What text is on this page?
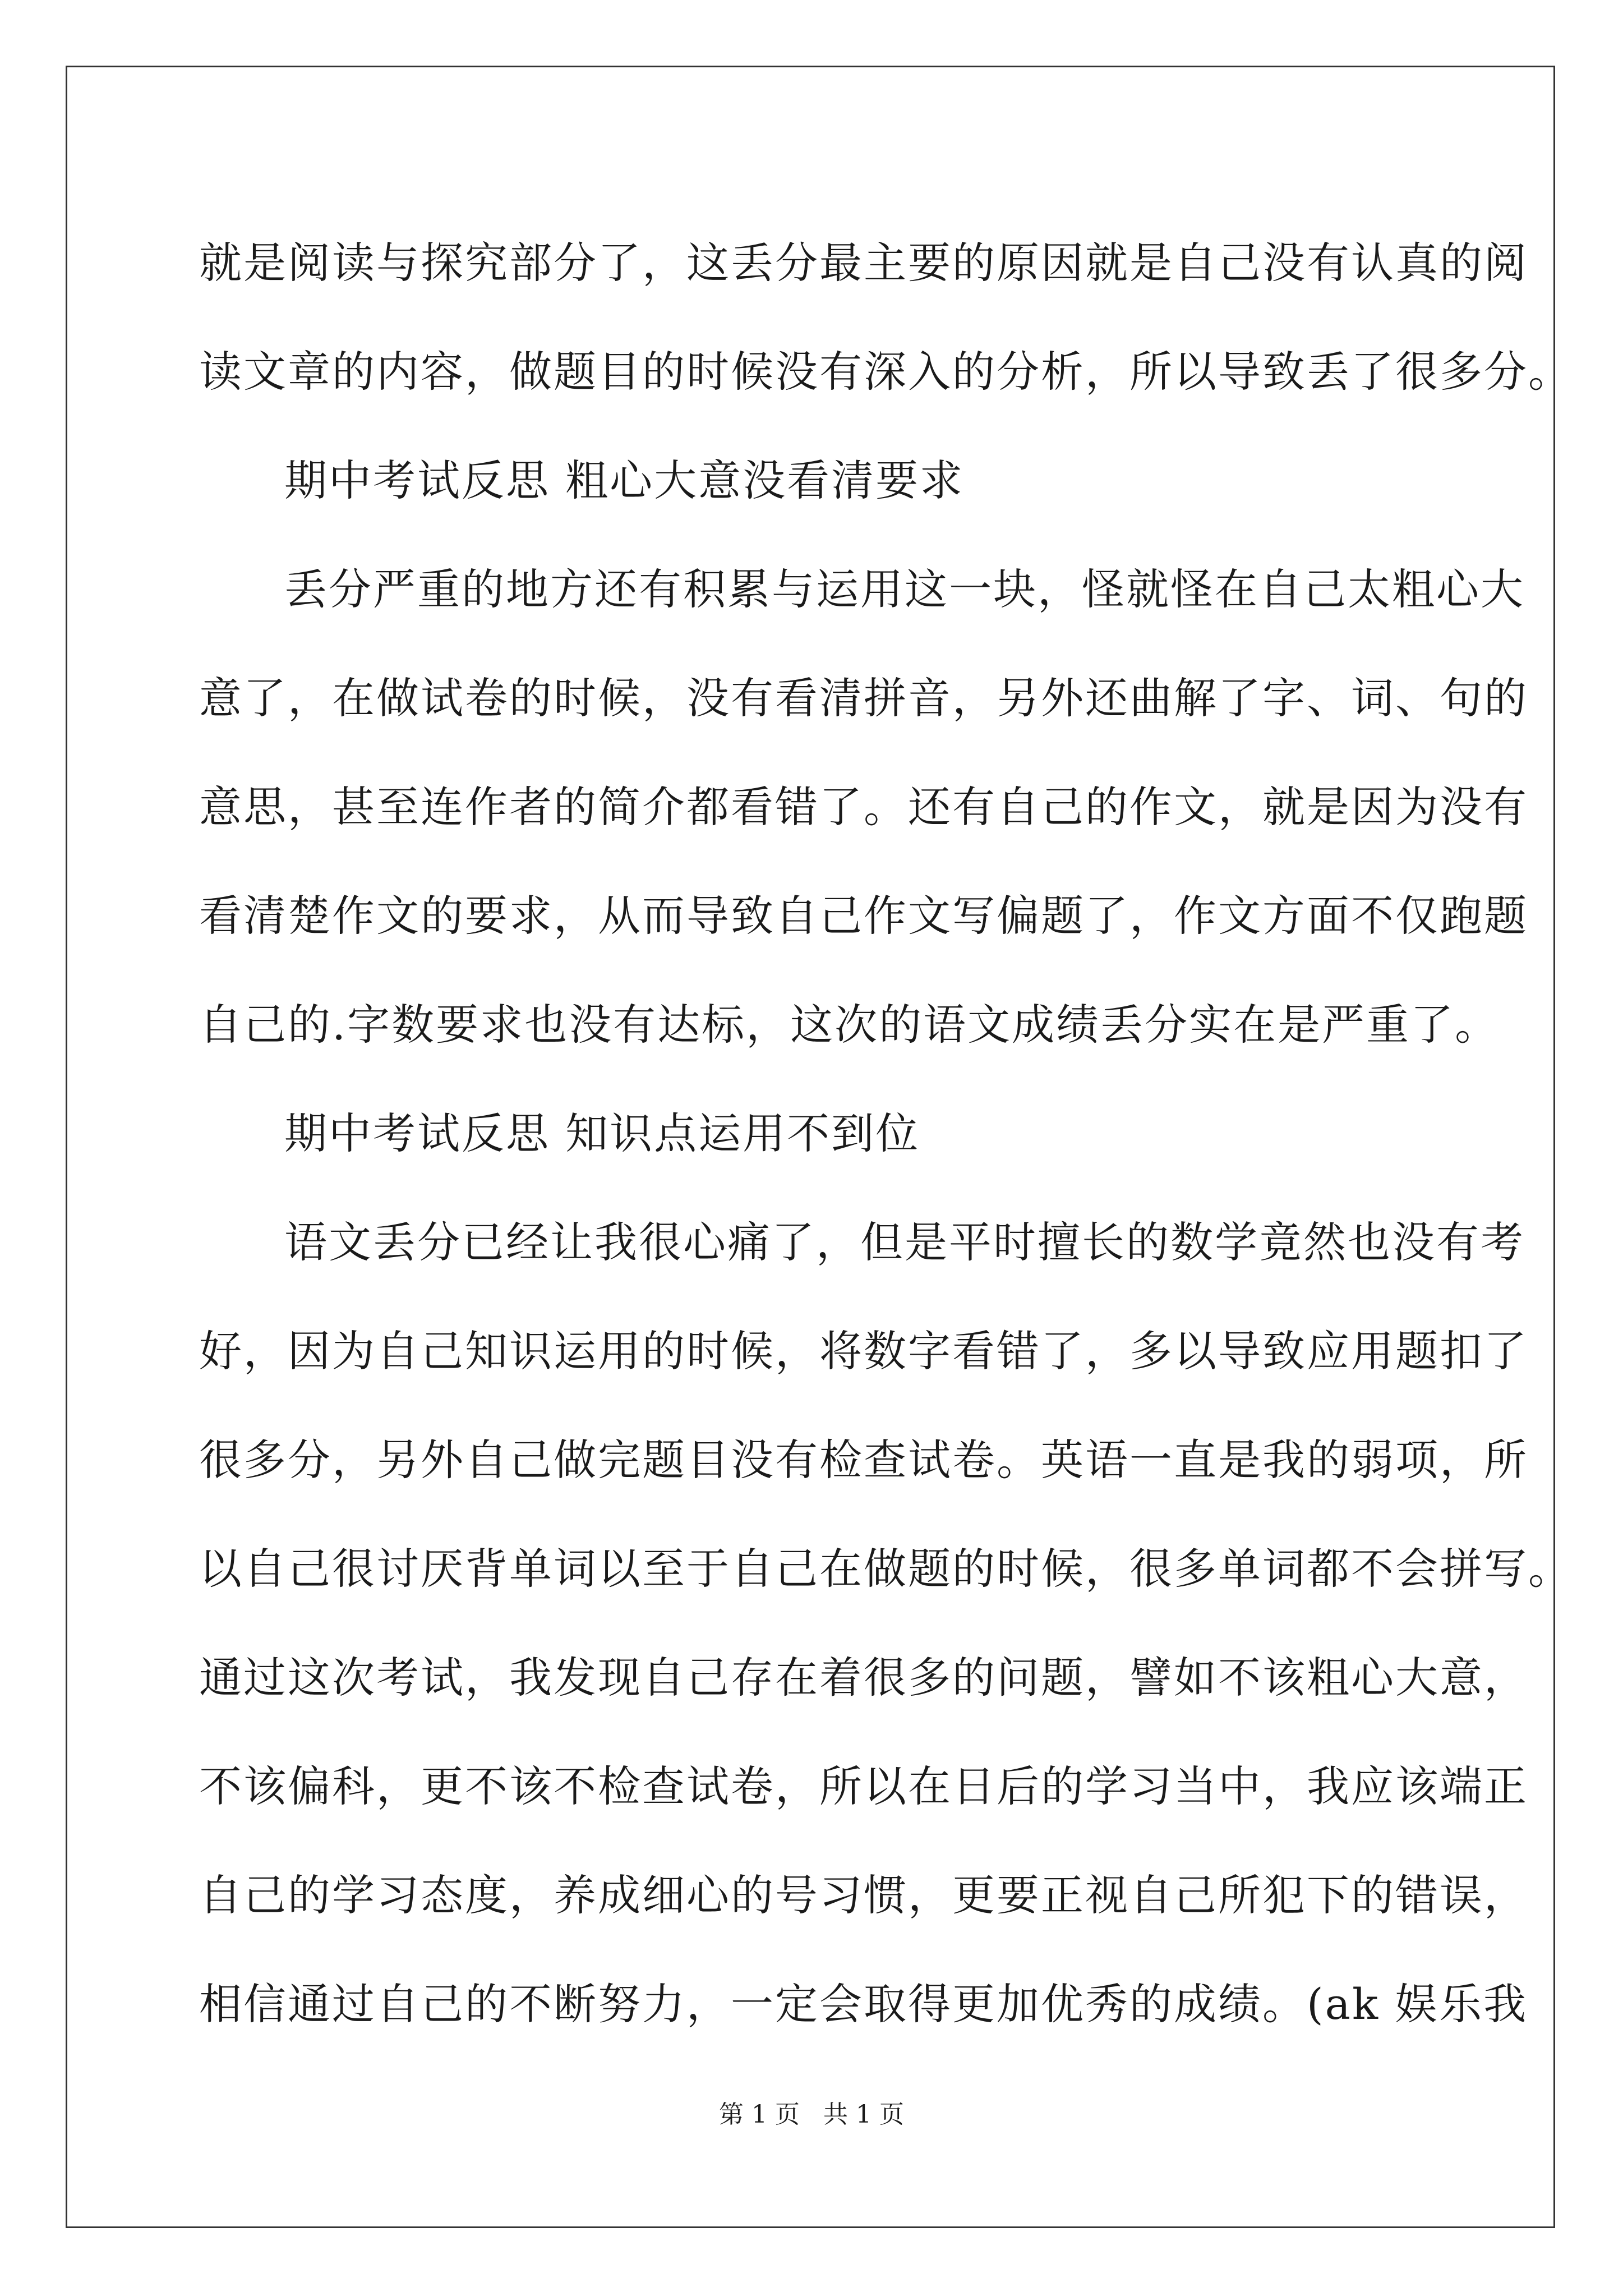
就是阅读与探究部分了，这丢分最主要的原因就是自己没有认真的阅
读文章的内容，做题目的时候没有深入的分析，所以导致丢了很多分。
期中考试反思 粗心大意没看清要求
丢分严重的地方还有积累与运用这一块，怪就怪在自己太粗心大
意了，在做试卷的时候，没有看清拼音，另外还曲解了字、词、句的
意思，甚至连作者的简介都看错了。还有自己的作文，就是因为没有
看清楚作文的要求，从而导致自己作文写偏题了，作文方面不仅跑题
自己的.字数要求也没有达标，这次的语文成绩丢分实在是严重了。
期中考试反思 知识点运用不到位
语文丢分已经让我很心痛了，但是平时擅长的数学竟然也没有考
好，因为自己知识运用的时候，将数字看错了，多以导致应用题扣了
很多分，另外自己做完题目没有检查试卷。英语一直是我的弱项，所
以自己很讨厌背单词以至于自己在做题的时候，很多单词都不会拼写。
通过这次考试，我发现自己存在着很多的问题，譬如不该粗心大意，
不该偏科，更不该不检查试卷，所以在日后的学习当中，我应该端正
自己的学习态度，养成细心的号习惯，更要正视自己所犯下的错误，
相信通过自己的不断努力，一定会取得更加优秀的成绩。(ak 娱乐我
第 1 页   共 1 页
